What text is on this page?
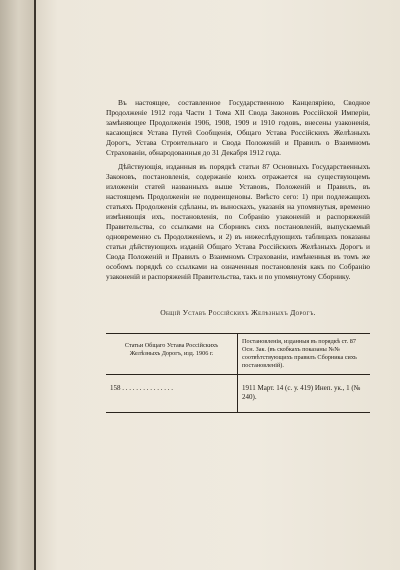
Въ настоящее, составленное Государственною Канцеляріею, Сводное Продолженіе 1912 года Части 1 Тома XII Свода Законовъ Россійской Имперіи, замѣняющее Продолженія 1906, 1908, 1909 и 1910 годовъ, внесены узаконенія, касающіяся Устава Путей Сообщенія, Общаго Устава Россійскихъ Желѣзныхъ Дорогъ, Устава Строительнаго и Свода Положеній и Правилъ о Взаимномъ Страхованіи, обнародованныя до 31 Декабря 1912 года.

Дѣйствующія, изданныя въ порядкѣ статьи 87 Основныхъ Государственныхъ Законовъ, постановленія, содержаніе коихъ отражается на существующемъ изложеніи статей названныхъ выше Уставовъ, Положеній и Правилъ, въ настоящемъ Продолженіи не подвеищеновы. Вмѣсто сего: 1) при подлежащихъ статьяхъ Продолженія сдѣланы, въ выноскахъ, указанія на упомянутыя, временно измѣняющія ихъ, постановленія, по Собранію узаконеній и распоряженій Правительства, со ссылками на Сборникъ сихъ постановленій, выпускаемый одновременно съ Продолженіемъ, и 2) въ нижеслѣдующихъ таблицахъ показаны статьи дѣйствующихъ изданій Общаго Устава Россійскихъ Желѣзныхъ Дорогъ и Свода Положеній и Правилъ о Взаимномъ Страхованіи, измѣненныя въ томъ же особомъ порядкѣ со ссылками на означенныя постановленія какъ по Собранію узаконеній и распоряженій Правительства, такъ и по упомянутому Сборнику.

Общій Уставъ Россійскихъ Желѣзныхъ Дорогъ.
Статьи Общаго Устава Россійскихъ Желѣзныхъ Дорогъ, изд. 1906 г.
Постановленія, изданныя въ порядкѣ ст. 87 Осн. Зак. (въ скобкахъ показаны №№ соотвѣтствующихъ правилъ Сборника сихъ постановленій).
158 . . . . . . . . . . . . . . .	1911 Март. 14 (с. у. 419) Инеп. ук., 1 (№ 240).
